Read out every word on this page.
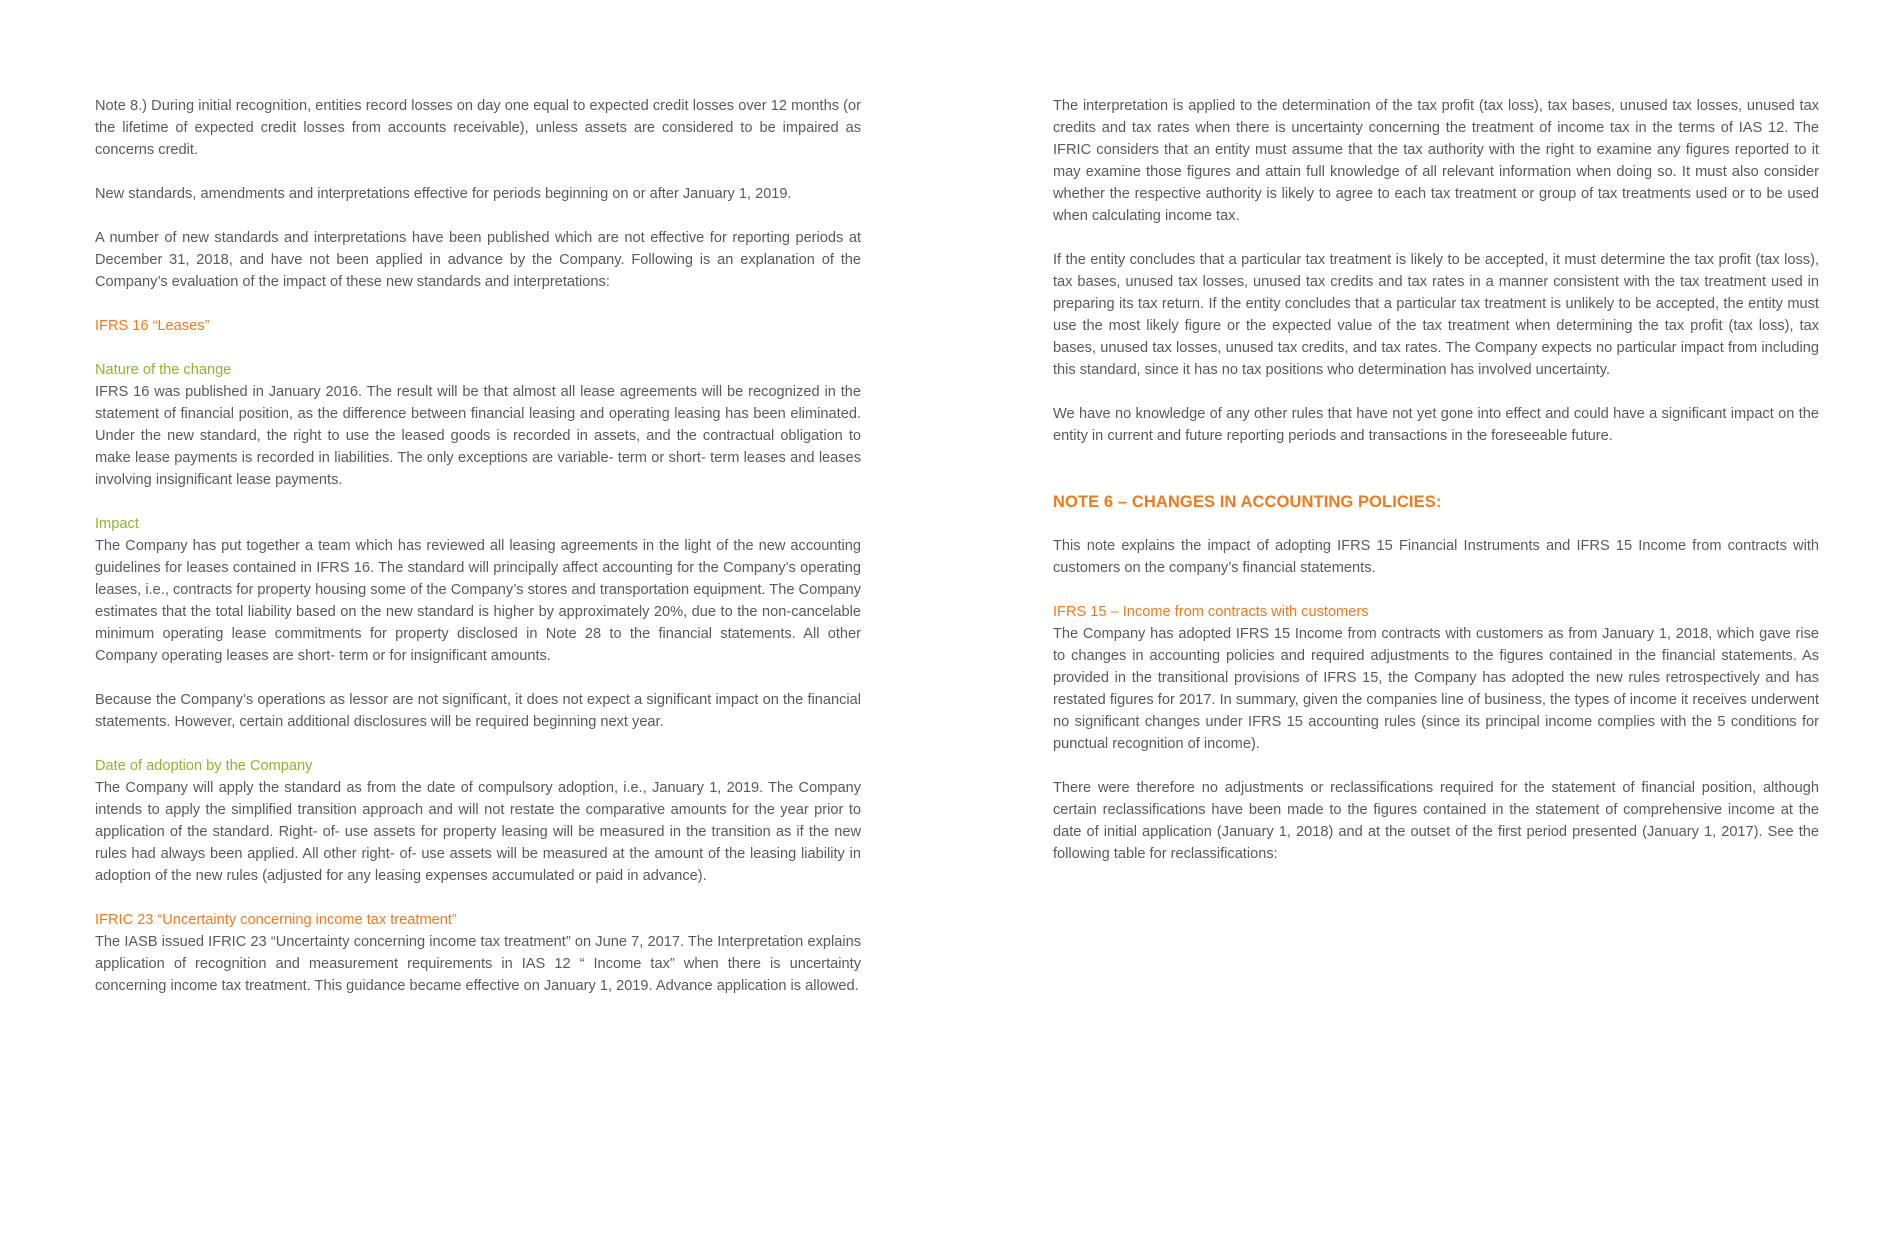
Note 8.) During initial recognition, entities record losses on day one equal to expected credit losses over 12 months (or the lifetime of expected credit losses from accounts receivable), unless assets are considered to be impaired as concerns credit.

New standards, amendments and interpretations effective for periods beginning on or after January 1, 2019.

A number of new standards and interpretations have been published which are not effective for reporting periods at December 31, 2018, and have not been applied in advance by the Company. Following is an explanation of the Company’s evaluation of the impact of these new standards and interpretations:

IFRS 16 “Leases”
Nature of the change

IFRS 16 was published in January 2016. The result will be that almost all lease agreements will be recognized in the statement of financial position, as the difference between financial leasing and operating leasing has been eliminated. Under the new standard, the right to use the leased goods is recorded in assets, and the contractual obligation to make lease payments is recorded in liabilities. The only exceptions are variable- term or short- term leases and leases involving insignificant lease payments.

Impact

The Company has put together a team which has reviewed all leasing agreements in the light of the new accounting guidelines for leases contained in IFRS 16. The standard will principally affect accounting for the Company’s operating leases, i.e., contracts for property housing some of the Company’s stores and transportation equipment. The Company estimates that the total liability based on the new standard is higher by approximately 20%, due to the non-cancelable minimum operating lease commitments for property disclosed in Note 28 to the financial statements. All other Company operating leases are short- term or for insignificant amounts.

Because the Company’s operations as lessor are not significant, it does not expect a significant impact on the financial statements. However, certain additional disclosures will be required beginning next year.

Date of adoption by the Company

The Company will apply the standard as from the date of compulsory adoption, i.e., January 1, 2019. The Company intends to apply the simplified transition approach and will not restate the comparative amounts for the year prior to application of the standard. Right- of- use assets for property leasing will be measured in the transition as if the new rules had always been applied. All other right- of- use assets will be measured at the amount of the leasing liability in adoption of the new rules (adjusted for any leasing expenses accumulated or paid in advance).

IFRIC 23 “Uncertainty concerning income tax treatment”

The IASB issued IFRIC 23 “Uncertainty concerning income tax treatment” on June 7, 2017. The Interpretation explains application of recognition and measurement requirements in IAS 12 “ Income tax” when there is uncertainty concerning income tax treatment. This guidance became effective on January 1, 2019. Advance application is allowed.

The interpretation is applied to the determination of the tax profit (tax loss), tax bases, unused tax losses, unused tax credits and tax rates when there is uncertainty concerning the treatment of income tax in the terms of IAS 12. The IFRIC considers that an entity must assume that the tax authority with the right to examine any figures reported to it may examine those figures and attain full knowledge of all relevant information when doing so. It must also consider whether the respective authority is likely to agree to each tax treatment or group of tax treatments used or to be used when calculating income tax.

If the entity concludes that a particular tax treatment is likely to be accepted, it must determine the tax profit (tax loss), tax bases, unused tax losses, unused tax credits and tax rates in a manner consistent with the tax treatment used in preparing its tax return. If the entity concludes that a particular tax treatment is unlikely to be accepted, the entity must use the most likely figure or the expected value of the tax treatment when determining the tax profit (tax loss), tax bases, unused tax losses, unused tax credits, and tax rates. The Company expects no particular impact from including this standard, since it has no tax positions who determination has involved uncertainty.

We have no knowledge of any other rules that have not yet gone into effect and could have a significant impact on the entity in current and future reporting periods and transactions in the foreseeable future.

NOTE 6 – CHANGES IN ACCOUNTING POLICIES:

This note explains the impact of adopting IFRS 15 Financial Instruments and IFRS 15 Income from contracts with customers on the company’s financial statements.

IFRS 15 – Income from contracts with customers

The Company has adopted IFRS 15 Income from contracts with customers as from January 1, 2018, which gave rise to changes in accounting policies and required adjustments to the figures contained in the financial statements. As provided in the transitional provisions of IFRS 15, the Company has adopted the new rules retrospectively and has restated figures for 2017. In summary, given the companies line of business, the types of income it receives underwent no significant changes under IFRS 15 accounting rules (since its principal income complies with the 5 conditions for punctual recognition of income).

There were therefore no adjustments or reclassifications required for the statement of financial position, although certain reclassifications have been made to the figures contained in the statement of comprehensive income at the date of initial application (January 1, 2018) and at the outset of the first period presented (January 1, 2017). See the following table for reclassifications:
